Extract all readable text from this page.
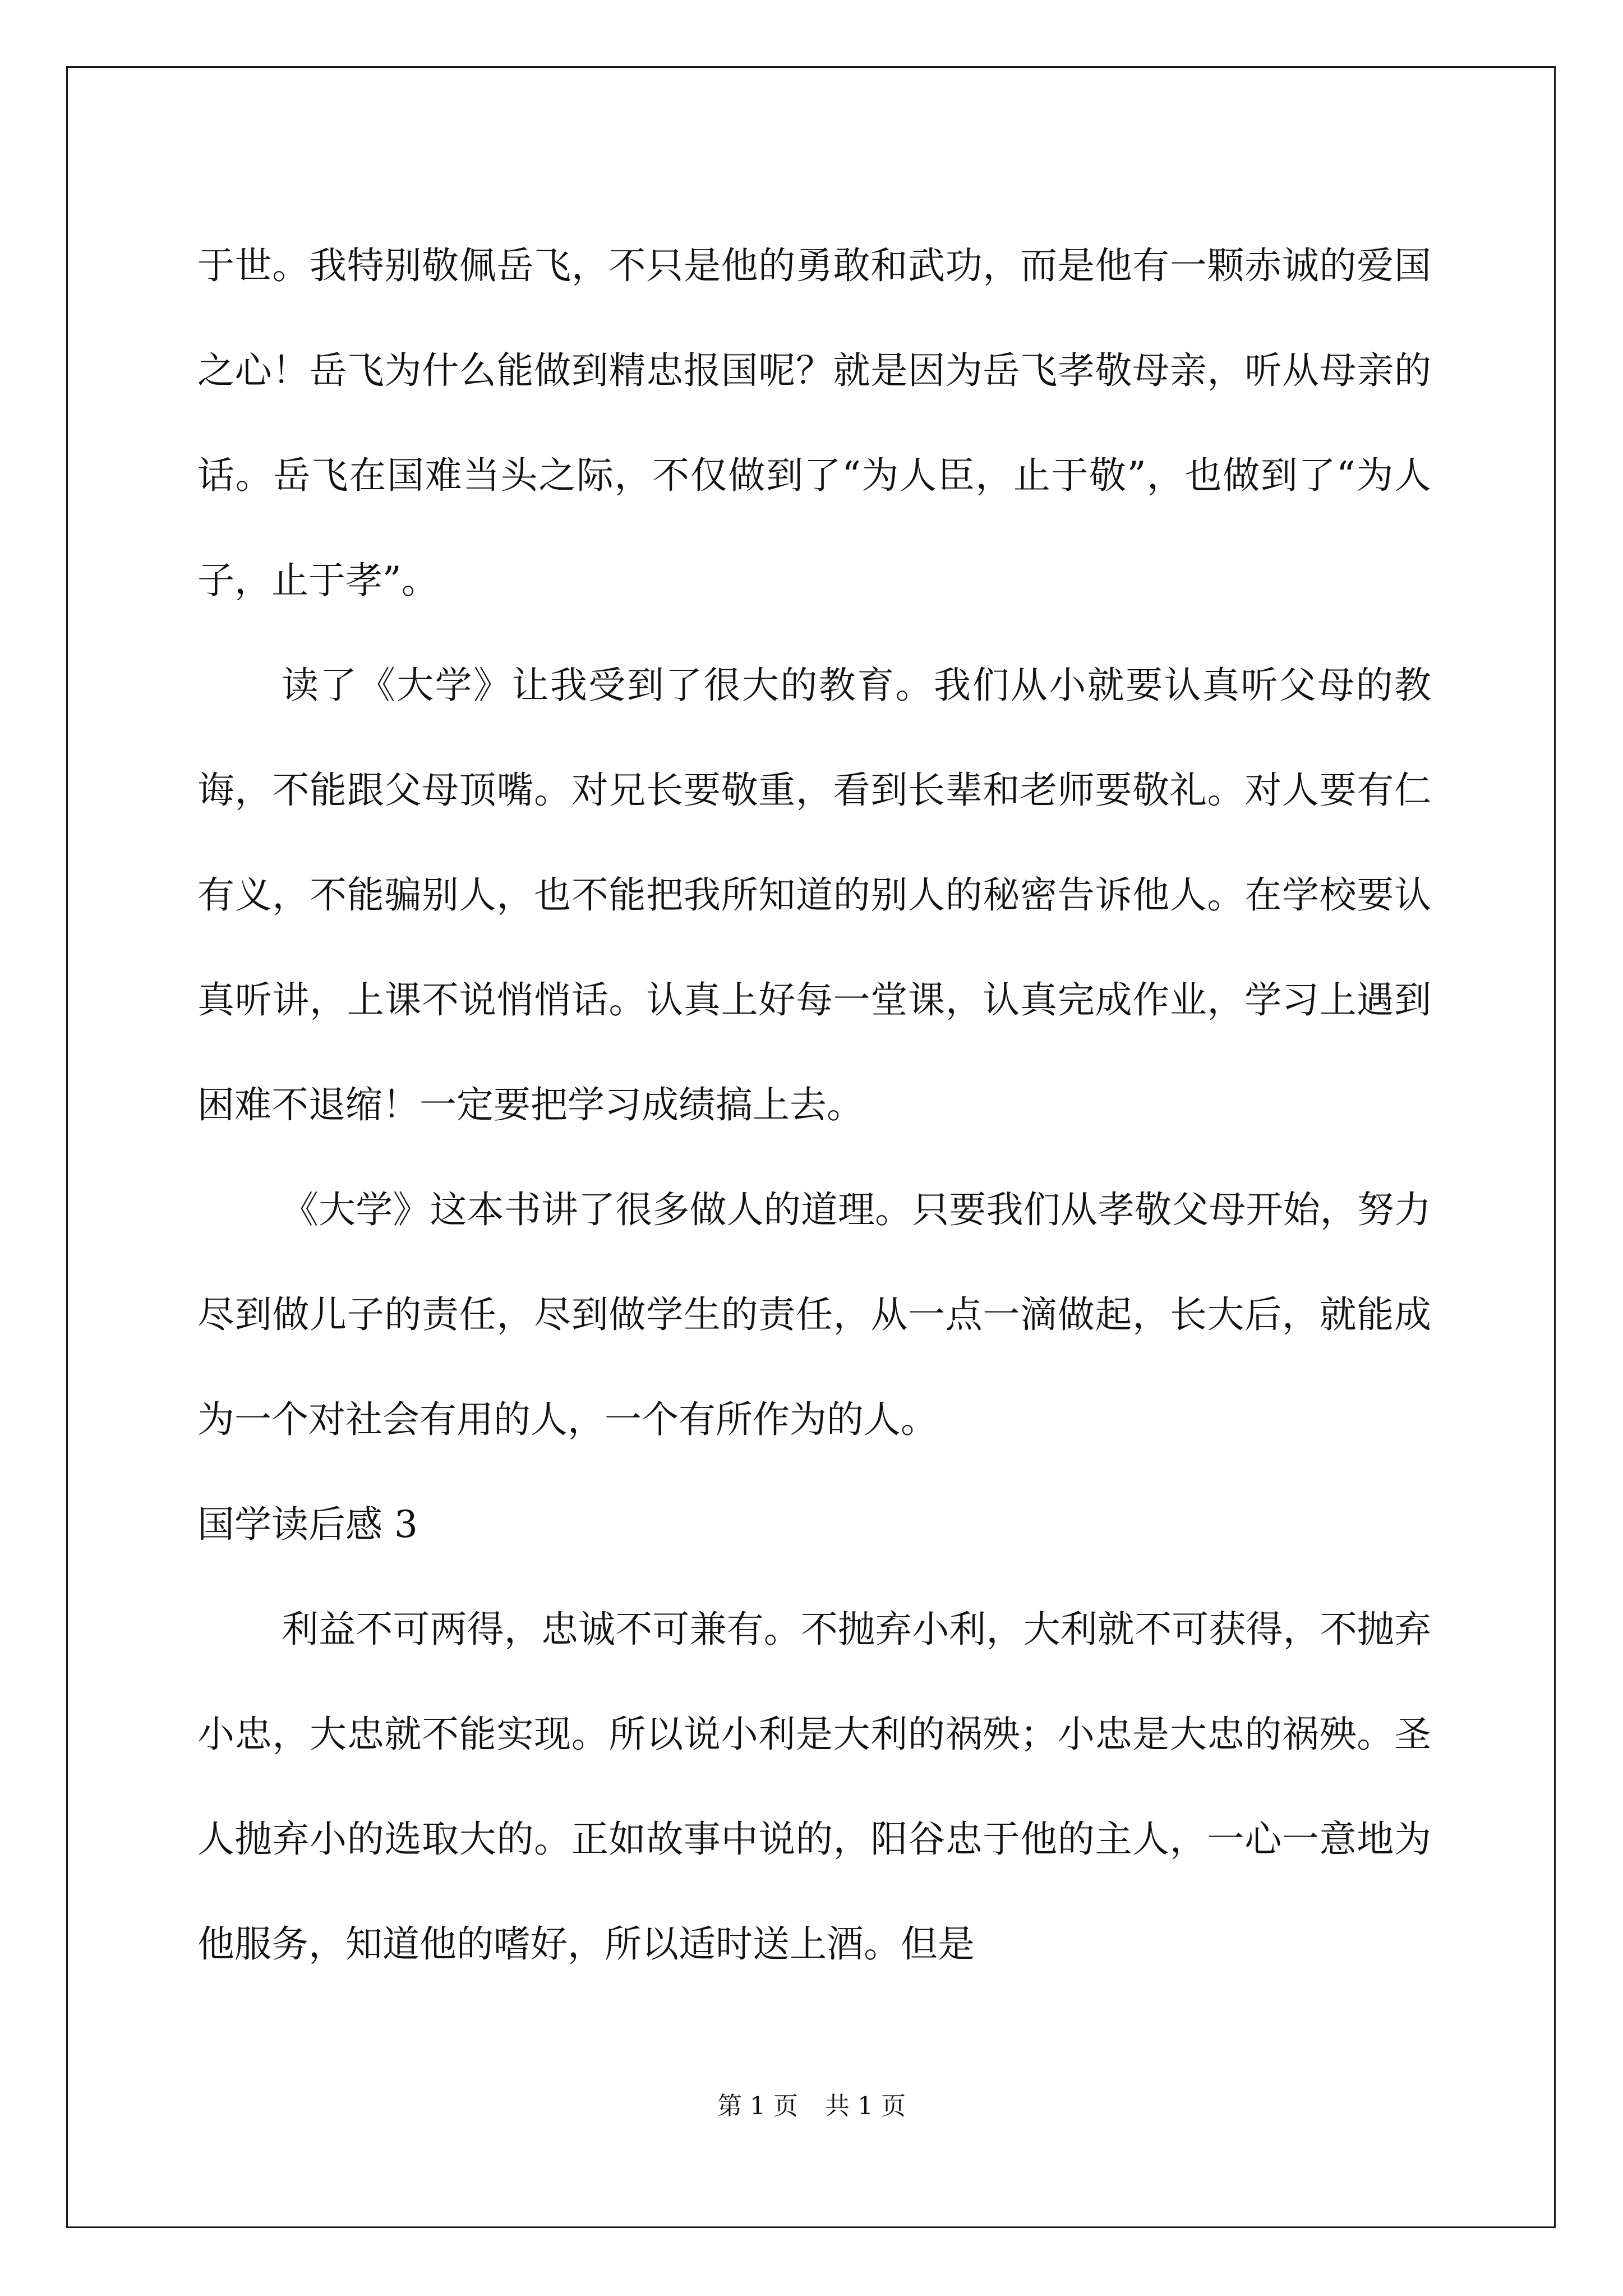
于世。我特别敬佩岳飞，不只是他的勇敢和武功，而是他有一颗赤诚的爱国之心！岳飞为什么能做到精忠报国呢？就是因为岳飞孝敬母亲，听从母亲的话。岳飞在国难当头之际，不仅做到了“为人臣，止于敬”，也做到了“为人子，止于孝”。

读了《大学》让我受到了很大的教育。我们从小就要认真听父母的教诲，不能跟父母顶嘴。对兄长要敬重，看到长辈和老师要敬礼。对人要有仁有义，不能骗别人，也不能把我所知道的别人的秘密告诉他人。在学校要认真听讲，上课不说悄悄话。认真上好每一堂课，认真完成作业，学习上遇到困难不退缩！一定要把学习成绩搞上去。

《大学》这本书讲了很多做人的道理。只要我们从孝敬父母开始，努力尽到做儿子的责任，尽到做学生的责任，从一点一滴做起，长大后，就能成为一个对社会有用的人，一个有所作为的人。

国学读后感 3

利益不可两得，忠诚不可兼有。不抛弃小利，大利就不可获得，不抛弃小忠，大忠就不能实现。所以说小利是大利的祸殃；小忠是大忠的祸殃。圣人抛弃小的选取大的。正如故事中说的，阳谷忠于他的主人，一心一意地为他服务，知道他的嗜好，所以适时送上酒。但是

第 1 页 共 1 页
